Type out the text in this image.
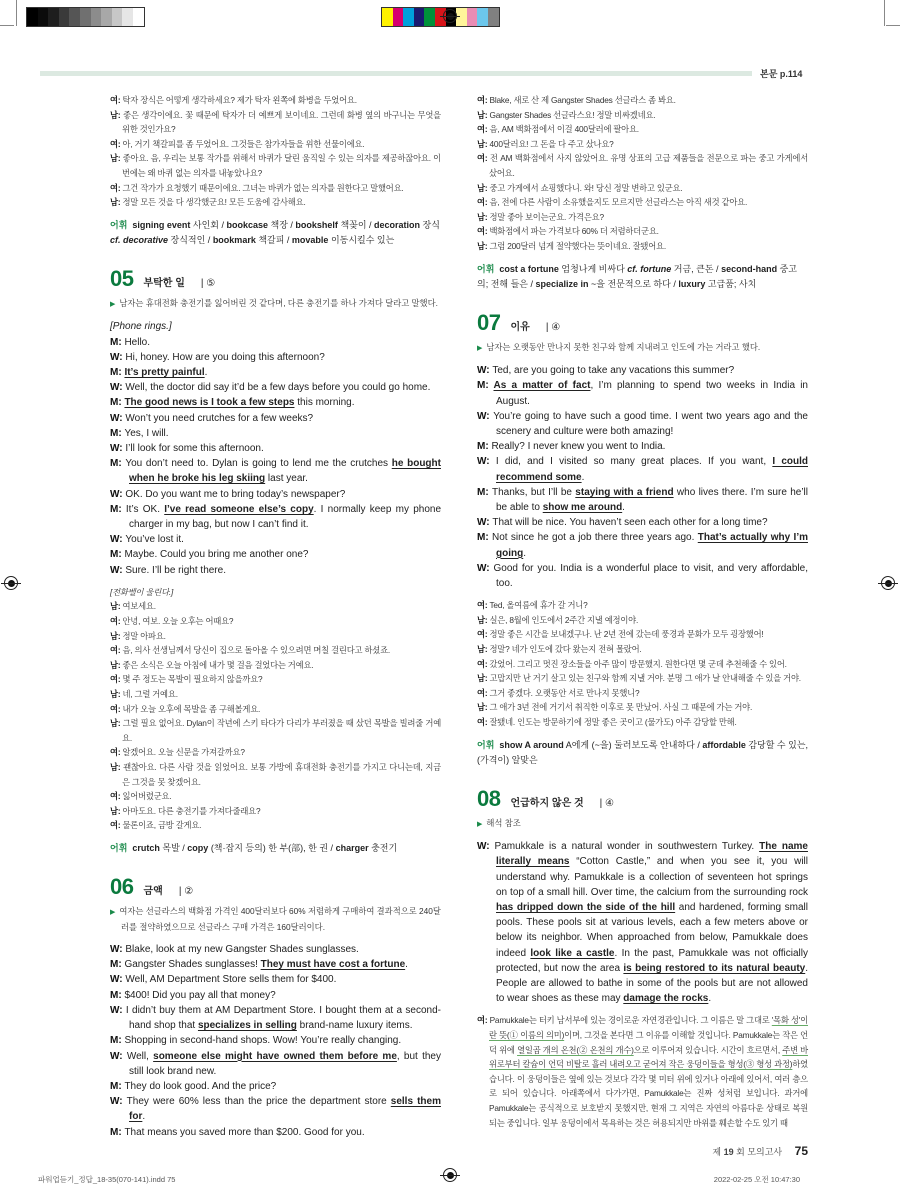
본문 p.114
여: 탁자 장식은 어떻게 생각하세요? 제가 탁자 왼쪽에 화병을 두었어요.
남: 좋은 생각이에요. 꽃 때문에 탁자가 더 예쁘게 보이네요. 그런데 화병 옆의 바구니는 무엇을 위한 것인가요?
여: 아, 거기 책갈피를 좀 두었어요. 그것들은 참가자들을 위한 선물이에요.
남: 좋아요. 음, 우리는 보통 작가를 위해서 바퀴가 달린 움직일 수 있는 의자를 제공하잖아요. 이번에는 왜 바퀴 없는 의자를 내놓았나요?
여: 그건 작가가 요청했기 때문이에요. 그녀는 바퀴가 없는 의자를 원한다고 말했어요.
남: 정말 모든 것을 다 생각했군요! 모든 도움에 감사해요.
어휘 signing event 사인회 / bookcase 책장 / bookshelf 책꽂이 / decoration 장식 cf. decorative 장식적인 / bookmark 책갈피 / movable 이동시킬수 있는
05 부탁한 일 | ⑤
▶ 남자는 휴대전화 충전기를 잃어버린 것 같다며, 다른 충전기를 하나 가져다 달라고 말했다.
[Phone rings.]
M: Hello.
W: Hi, honey. How are you doing this afternoon?
M: It’s pretty painful.
W: Well, the doctor did say it’d be a few days before you could go home.
M: The good news is I took a few steps this morning.
W: Won’t you need crutches for a few weeks?
M: Yes, I will.
W: I’ll look for some this afternoon.
M: You don’t need to. Dylan is going to lend me the crutches he bought when he broke his leg skiing last year.
W: OK. Do you want me to bring today’s newspaper?
M: It’s OK. I’ve read someone else’s copy. I normally keep my phone charger in my bag, but now I can’t find it.
W: You’ve lost it.
M: Maybe. Could you bring me another one?
W: Sure. I’ll be right there.
[전화벨이 울린다.]
남: 여보세요.
여: 안녕, 여보. 오늘 오후는 어때요?
남: 정말 아파요.
여: 음, 의사 선생님께서 당신이 집으로 돌아올 수 있으려면 며칠 걸린다고 하셨죠.
남: 좋은 소식은 오늘 아침에 내가 몇 걸음 걸었다는 거예요.
여: 몇 주 정도는 목발이 필요하지 않을까요?
남: 네, 그럴 거예요.
여: 내가 오늘 오후에 목발을 좀 구해볼게요.
남: 그럴 필요 없어요. Dylan이 작년에 스키 타다가 다리가 부러졌을 때 샀던 목발을 빌려줄 거예요.
여: 알겠어요. 오늘 신문을 가져갈까요?
남: 괜찮아요. 다른 사람 것을 읽었어요. 보통 가방에 휴대전화 충전기를 가지고 다니는데, 지금은 그것을 못 찾겠어요.
여: 잃어버렸군요.
남: 아마도요. 다른 충전기를 가져다줄래요?
여: 물론이죠, 금방 갈게요.
어휘 crutch 목발 / copy (책·잡지 등의) 한 부(部), 한 권 / charger 충전기
06 금액 | ②
▶ 여자는 선글라스의 백화점 가격인 400달러보다 60% 저렴하게 구매하여 결과적으로 240달러를 절약하였으므로 선글라스 구매 가격은 160달러이다.
W: Blake, look at my new Gangster Shades sunglasses.
M: Gangster Shades sunglasses! They must have cost a fortune.
W: Well, AM Department Store sells them for $400.
M: $400! Did you pay all that money?
W: I didn’t buy them at AM Department Store. I bought them at a second-hand shop that specializes in selling brand-name luxury items.
M: Shopping in second-hand shops. Wow! You’re really changing.
W: Well, someone else might have owned them before me, but they still look brand new.
M: They do look good. And the price?
W: They were 60% less than the price the department store sells them for.
M: That means you saved more than $200. Good for you.
여: Blake, 새로 산 제 Gangster Shades 선글라스 좀 봐요.
남: Gangster Shades 선글라스요! 정말 비싸겠네요.
여: 음, AM 백화점에서 이걸 400달러에 팔아요.
남: 400달러요! 그 돈을 다 주고 샀나요?
여: 전 AM 백화점에서 사지 않았어요. 유명 상표의 고급 제품들을 전문으로 파는 중고 가게에서 샀어요.
남: 중고 가게에서 쇼핑했다니. 와! 당신 정말 변하고 있군요.
여: 음, 전에 다른 사람이 소유했을지도 모르지만 선글라스는 아직 새것 같아요.
남: 정말 좋아 보이는군요. 가격은요?
여: 백화점에서 파는 가격보다 60% 더 저렴하더군요.
남: 그럼 200달러 넘게 절약했다는 뜻이네요. 잘됐어요.
어휘 cost a fortune 엄청나게 비싸다 cf. fortune 거금, 큰돈 / second-hand 중고의; 전해 들은 / specialize in ~을 전문적으로 하다 / luxury 고급품; 사치
07 이유 | ④
▶ 남자는 오랫동안 만나지 못한 친구와 함께 지내려고 인도에 가는 거라고 했다.
W: Ted, are you going to take any vacations this summer?
M: As a matter of fact, I’m planning to spend two weeks in India in August.
W: You’re going to have such a good time. I went two years ago and the scenery and culture were both amazing!
M: Really? I never knew you went to India.
W: I did, and I visited so many great places. If you want, I could recommend some.
M: Thanks, but I’ll be staying with a friend who lives there. I’m sure he’ll be able to show me around.
W: That will be nice. You haven’t seen each other for a long time?
M: Not since he got a job there three years ago. That’s actually why I’m going.
W: Good for you. India is a wonderful place to visit, and very affordable, too.
여: Ted, 올여름에 휴가 갈 거니?
남: 실은, 8월에 인도에서 2주간 지낼 예정이야.
여: 정말 좋은 시간을 보내겠구나. 난 2년 전에 갔는데 풍경과 문화가 모두 굉장했어!
남: 정말? 네가 인도에 갔다 왔는지 전혀 몰랐어.
여: 갔었어. 그리고 멋진 장소들을 아주 많이 방문했지. 원한다면 몇 군데 추천해줄 수 있어.
남: 고맙지만 난 거기 살고 있는 친구와 함께 지낼 거야. 분명 그 애가 날 안내해줄 수 있을 거야.
여: 그거 좋겠다. 오랫동안 서로 만나지 못했니?
남: 그 애가 3년 전에 거기서 취직한 이후로 못 만났어. 사실 그 때문에 가는 거야.
여: 잘됐네. 인도는 방문하기에 정말 좋은 곳이고 (물가도) 아주 감당할 만해.
어휘 show A around A에게 (~을) 둘러보도록 안내하다 / affordable 감당할 수 있는, (가격이) 알맞은
08 언급하지 않은 것 | ④
▶ 해석 참조
W: Pamukkale is a natural wonder in southwestern Turkey. The name literally means “Cotton Castle,” and when you see it, you will understand why. Pamukkale is a collection of seventeen hot springs on top of a small hill. Over time, the calcium from the surrounding rock has dripped down the side of the hill and hardened, forming small pools. These pools sit at various levels, each a few meters above or below its neighbor. When approached from below, Pamukkale does indeed look like a castle. In the past, Pamukkale was not officially protected, but now the area is being restored to its natural beauty. People are allowed to bathe in some of the pools but are not allowed to wear shoes as these may damage the rocks.
여: Pamukkale는 터키 남서부에 있는 경이로운 자연경관입니다. 그 이름은 말 그대로 '목화 성'이란 뜻(① 이름의 의미)이며, 그것을 본다면 그 이유를 이해할 것입니다. Pamukkale는 작은 언덕 위에 열일곱 개의 온천(② 온천의 개수)으로 이루어져 있습니다. 시간이 흐르면서, 주변 바위로부터 칼슘이 언덕 비탈로 흘러 내려오고 굳어져 작은 웅덩이들을 형성(③ 형성 과정)하였습니다. 이 웅덩이들은 옆에 있는 것보다 각각 몇 미터 위에 있거나 아래에 있어서, 여러 층으로 되어 있습니다. 아래쪽에서 다가가면, Pamukkale는 진짜 성처럼 보입니다. 과거에 Pamukkale는 공식적으로 보호받지 못했지만, 현재 그 지역은 자연의 아름다운 상태로 복원되는 중입니다. 일부 웅덩이에서 목욕하는 것은 허용되지만 바위를 훼손할 수도 있기 때
제 19 회 모의고사 75
파워업듣기_정답_18-35(070-141).indd 75	2022-02-25 오전 10:47:30
